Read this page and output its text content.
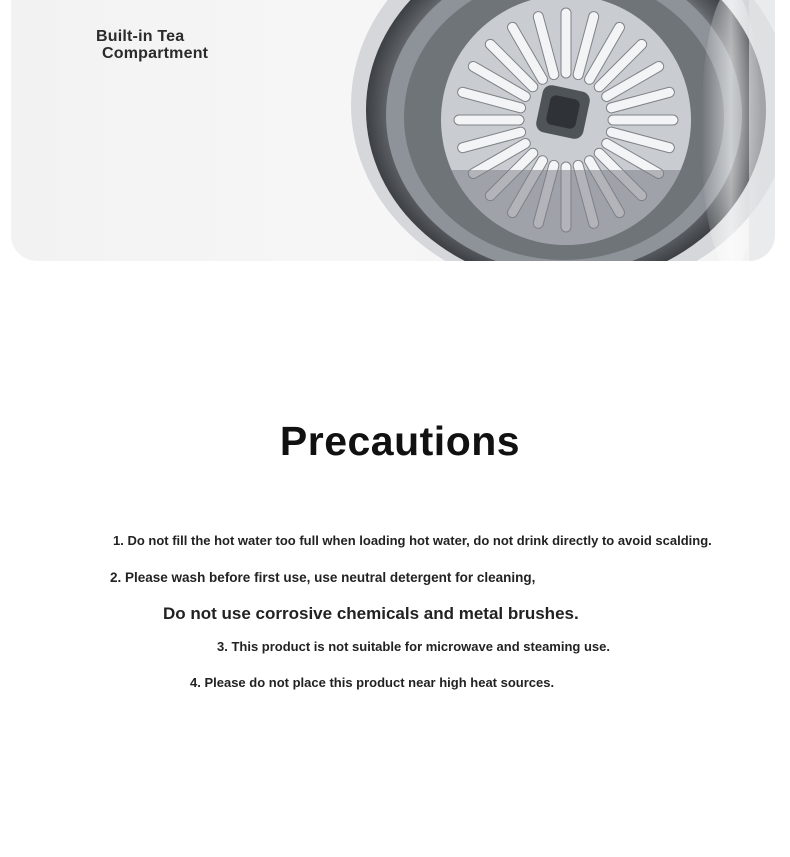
Built-in Tea
Compartment
Precautions
1. Do not fill the hot water too full when loading hot water, do not drink directly to avoid scalding.
2. Please wash before first use, use neutral detergent for cleaning,
Do not use corrosive chemicals and metal brushes.
3. This product is not suitable for microwave and steaming use.
4. Please do not place this product near high heat sources.
